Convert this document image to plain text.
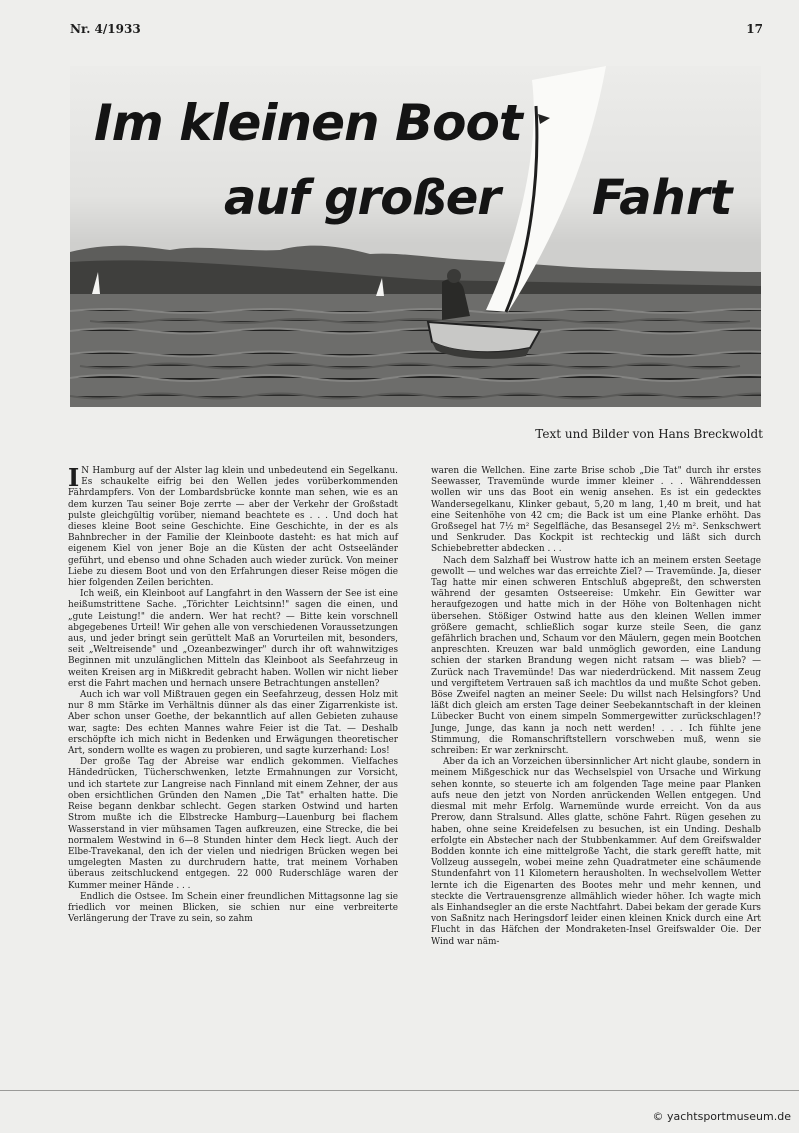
Nr. 4/1933	17
Im kleinen Boot
auf großer Fahrt
Text und Bilder von Hans Breckwoldt

I N Hamburg auf der Alster lag klein und unbedeutend ein Segelkanu. Es schaukelte eifrig bei den Wellen jedes vorüberkommenden Fährdampfers. Von der Lombardsbrücke konnte man sehen, wie es an dem kurzen Tau seiner Boje zerrte — aber der Verkehr der Großstadt pulste gleichgültig vorüber, niemand beachtete es . . . Und doch hat dieses kleine Boot seine Geschichte. Eine Geschichte, in der es als Bahnbrecher in der Familie der Kleinboote dasteht: es hat mich auf eigenem Kiel von jener Boje an die Küsten der acht Ostseeländer geführt, und ebenso und ohne Schaden auch wieder zurück. Von meiner Liebe zu diesem Boot und von den Erfahrungen dieser Reise mögen die hier folgenden Zeilen berichten.

Ich weiß, ein Kleinboot auf Langfahrt in den Wassern der See ist eine heißumstrittene Sache. „Törichter Leichtsinn!" sagen die einen, und „gute Leistung!" die andern. Wer hat recht? — Bitte kein vorschnell abgegebenes Urteil! Wir gehen alle von verschiedenen Voraussetzungen aus, und jeder bringt sein gerüttelt Maß an Vorurteilen mit, besonders, seit „Weltreisende" und „Ozeanbezwinger" durch ihr oft wahnwitziges Beginnen mit unzulänglichen Mitteln das Kleinboot als Seefahrzeug in weiten Kreisen arg in Mißkredit gebracht haben. Wollen wir nicht lieber erst die Fahrt machen und hernach unsere Betrachtungen anstellen?

Auch ich war voll Mißtrauen gegen ein Seefahrzeug, dessen Holz mit nur 8 mm Stärke im Verhältnis dünner als das einer Zigarrenkiste ist. Aber schon unser Goethe, der bekanntlich auf allen Gebieten zuhause war, sagte: Des echten Mannes wahre Feier ist die Tat. — Deshalb erschöpfte ich mich nicht in Bedenken und Erwägungen theoretischer Art, sondern wollte es wagen zu probieren, und sagte kurzerhand: Los!

Der große Tag der Abreise war endlich gekommen. Vielfaches Händedrücken, Tücherschwenken, letzte Ermahnungen zur Vorsicht, und ich startete zur Langreise nach Finnland mit einem Zehner, der aus oben ersichtlichen Gründen den Namen „Die Tat" erhalten hatte. Die Reise begann denkbar schlecht. Gegen starken Ostwind und harten Strom mußte ich die Elbstrecke Hamburg—Lauenburg bei flachem Wasserstand in vier mühsamen Tagen aufkreuzen, eine Strecke, die bei normalem Westwind in 6—8 Stunden hinter dem Heck liegt. Auch der Elbe-Travekanal, den ich der vielen und niedrigen Brücken wegen bei umgelegten Masten zu durchrudern hatte, trat meinem Vorhaben überaus zeitschluckend entgegen. 22 000 Ruderschläge waren der Kummer meiner Hände . . .

Endlich die Ostsee. Im Schein einer freundlichen Mittagsonne lag sie friedlich vor meinen Blicken, sie schien nur eine verbreiterte Verlängerung der Trave zu sein, so zahm

waren die Wellchen. Eine zarte Brise schob „Die Tat" durch ihr erstes Seewasser, Travemünde wurde immer kleiner . . . Währenddessen wollen wir uns das Boot ein wenig ansehen. Es ist ein gedecktes Wandersegelkanu, Klinker gebaut, 5,20 m lang, 1,40 m breit, und hat eine Seitenhöhe von 42 cm; die Back ist um eine Planke erhöht. Das Großsegel hat 7½ m² Segelfläche, das Besansegel 2½ m². Senkschwert und Senkruder. Das Kockpit ist rechteckig und läßt sich durch Schiebebretter abdecken . . .

Nach dem Salzhaff bei Wustrow hatte ich an meinem ersten Seetage gewollt — und welches war das erreichte Ziel? — Travemünde. Ja, dieser Tag hatte mir einen schweren Entschluß abgepreßt, den schwersten während der gesamten Ostseereise: Umkehr. Ein Gewitter war heraufgezogen und hatte mich in der Höhe von Boltenhagen nicht übersehen. Stößiger Ostwind hatte aus den kleinen Wellen immer größere gemacht, schließlich sogar kurze steile Seen, die ganz gefährlich brachen und, Schaum vor den Mäulern, gegen mein Bootchen anpreschten. Kreuzen war bald unmöglich geworden, eine Landung schien der starken Brandung wegen nicht ratsam — was blieb? — Zurück nach Travemünde! Das war niederdrückend. Mit nassem Zeug und vergiftetem Vertrauen saß ich machtlos da und mußte Schot geben. Böse Zweifel nagten an meiner Seele: Du willst nach Helsingfors? Und läßt dich gleich am ersten Tage deiner Seebekanntschaft in der kleinen Lübecker Bucht von einem simpeln Sommergewitter zurückschlagen!? Junge, Junge, das kann ja noch nett werden! . . . Ich fühlte jene Stimmung, die Romanschriftstellern vorschweben muß, wenn sie schreiben: Er war zerknirscht.

Aber da ich an Vorzeichen übersinnlicher Art nicht glaube, sondern in meinem Mißgeschick nur das Wechselspiel von Ursache und Wirkung sehen konnte, so steuerte ich am folgenden Tage meine paar Planken aufs neue den jetzt von Norden anrückenden Wellen entgegen. Und diesmal mit mehr Erfolg. Warnemünde wurde erreicht. Von da aus Prerow, dann Stralsund. Alles glatte, schöne Fahrt. Rügen gesehen zu haben, ohne seine Kreidefelsen zu besuchen, ist ein Unding. Deshalb erfolgte ein Abstecher nach der Stubbenkammer. Auf dem Greifswalder Bodden konnte ich eine mittelgroße Yacht, die stark gerefft hatte, mit Vollzeug aussegeln, wobei meine zehn Quadratmeter eine schäumende Stundenfahrt von 11 Kilometern herausholten. In wechselvollem Wetter lernte ich die Eigenarten des Bootes mehr und mehr kennen, und steckte die Vertrauensgrenze allmählich wieder höher. Ich wagte mich als Einhandsegler an die erste Nachtfahrt. Dabei bekam der gerade Kurs von Saßnitz nach Heringsdorf leider einen kleinen Knick durch eine Art Flucht in das Häfchen der Mondraketen-Insel Greifswalder Oie. Der Wind war näm-

© yachtsportmuseum.de
